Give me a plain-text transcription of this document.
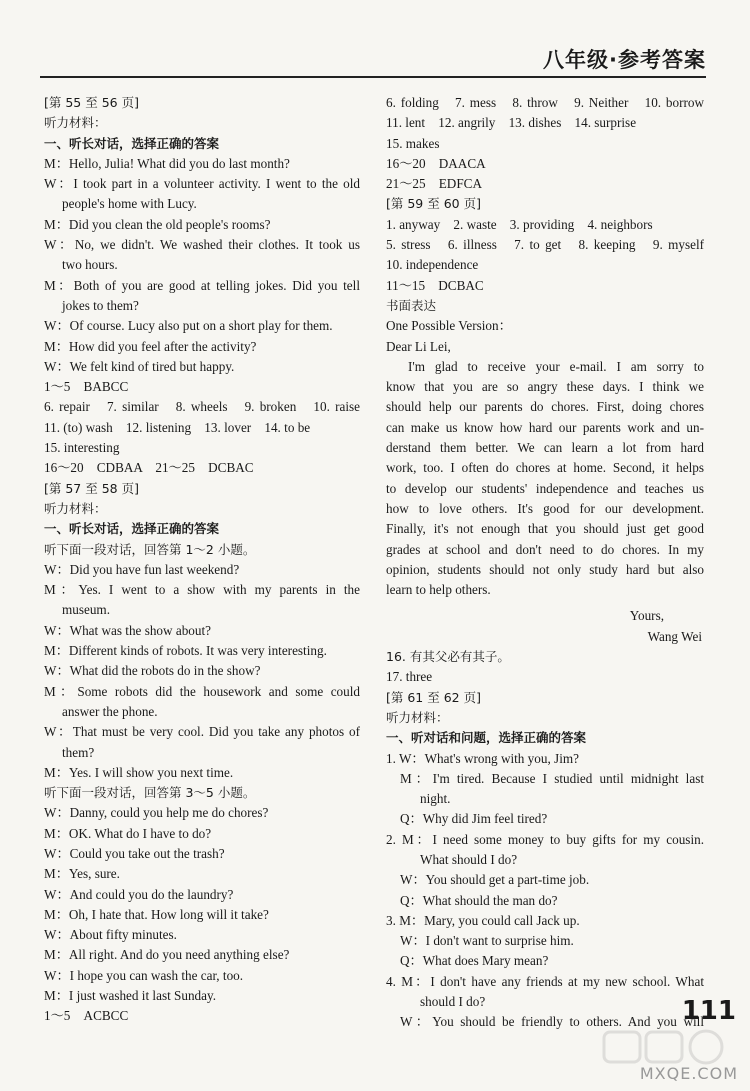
八年级·参考答案
[第 55 至 56 页]
听力材料：
一、听长对话，选择正确的答案
M：Hello, Julia! What did you do last month?
W：I took part in a volunteer activity. I went to the old
people's home with Lucy.
M：Did you clean the old people's rooms?
W：No, we didn't. We washed their clothes. It took us
two hours.
M：Both of you are good at telling jokes. Did you tell
jokes to them?
W：Of course. Lucy also put on a short play for them.
M：How did you feel after the activity?
W：We felt kind of tired but happy.
1～5　BABCC
6. repair　7. similar　8. wheels　9. broken　10. raise
11. (to) wash　12. listening　13. lover　14. to be
15. interesting
16～20　CDBAA　21～25　DCBAC
[第 57 至 58 页]
听力材料：
一、听长对话，选择正确的答案
听下面一段对话，回答第 1～2 小题。
W：Did you have fun last weekend?
M：Yes. I went to a show with my parents in the
museum.
W：What was the show about?
M：Different kinds of robots. It was very interesting.
W：What did the robots do in the show?
M：Some robots did the housework and some could
answer the phone.
W：That must be very cool. Did you take any photos of
them?
M：Yes. I will show you next time.
听下面一段对话，回答第 3～5 小题。
W：Danny, could you help me do chores?
M：OK. What do I have to do?
W：Could you take out the trash?
M：Yes, sure.
W：And could you do the laundry?
M：Oh, I hate that. How long will it take?
W：About fifty minutes.
M：All right. And do you need anything else?
W：I hope you can wash the car, too.
M：I just washed it last Sunday.
1～5　ACBCC
6. folding　7. mess　8. throw　9. Neither　10. borrow
11. lent　12. angrily　13. dishes　14. surprise
15. makes
16～20　DAACA
21～25　EDFCA
[第 59 至 60 页]
1. anyway　2. waste　3. providing　4. neighbors
5. stress　6. illness　7. to get　8. keeping　9. myself
10. independence
11～15　DCBAC
书面表达
One Possible Version：
Dear Li Lei,
I'm glad to receive your e-mail. I am sorry to
know that you are so angry these days. I think we
should help our parents do chores. First, doing chores
can make us know how hard our parents work and un-
derstand them better. We can learn a lot from hard
work, too. I often do chores at home. Second, it helps
to develop our students' independence and teaches us
how to love others. It's good for our development.
Finally, it's not enough that you should just get good
grades at school and don't need to do chores. In my
opinion, students should not only study hard but also
learn to help others.
Yours,
Wang Wei
16. 有其父必有其子。
17. three
[第 61 至 62 页]
听力材料：
一、听对话和问题，选择正确的答案
1. W：What's wrong with you, Jim?
M：I'm tired. Because I studied until midnight last
night.
Q：Why did Jim feel tired?
2. M：I need some money to buy gifts for my cousin.
What should I do?
W：You should get a part-time job.
Q：What should the man do?
3. M：Mary, you could call Jack up.
W：I don't want to surprise him.
Q：What does Mary mean?
4. M：I don't have any friends at my new school. What
should I do?
W：You should be friendly to others. And you will
111
MXQE.COM
